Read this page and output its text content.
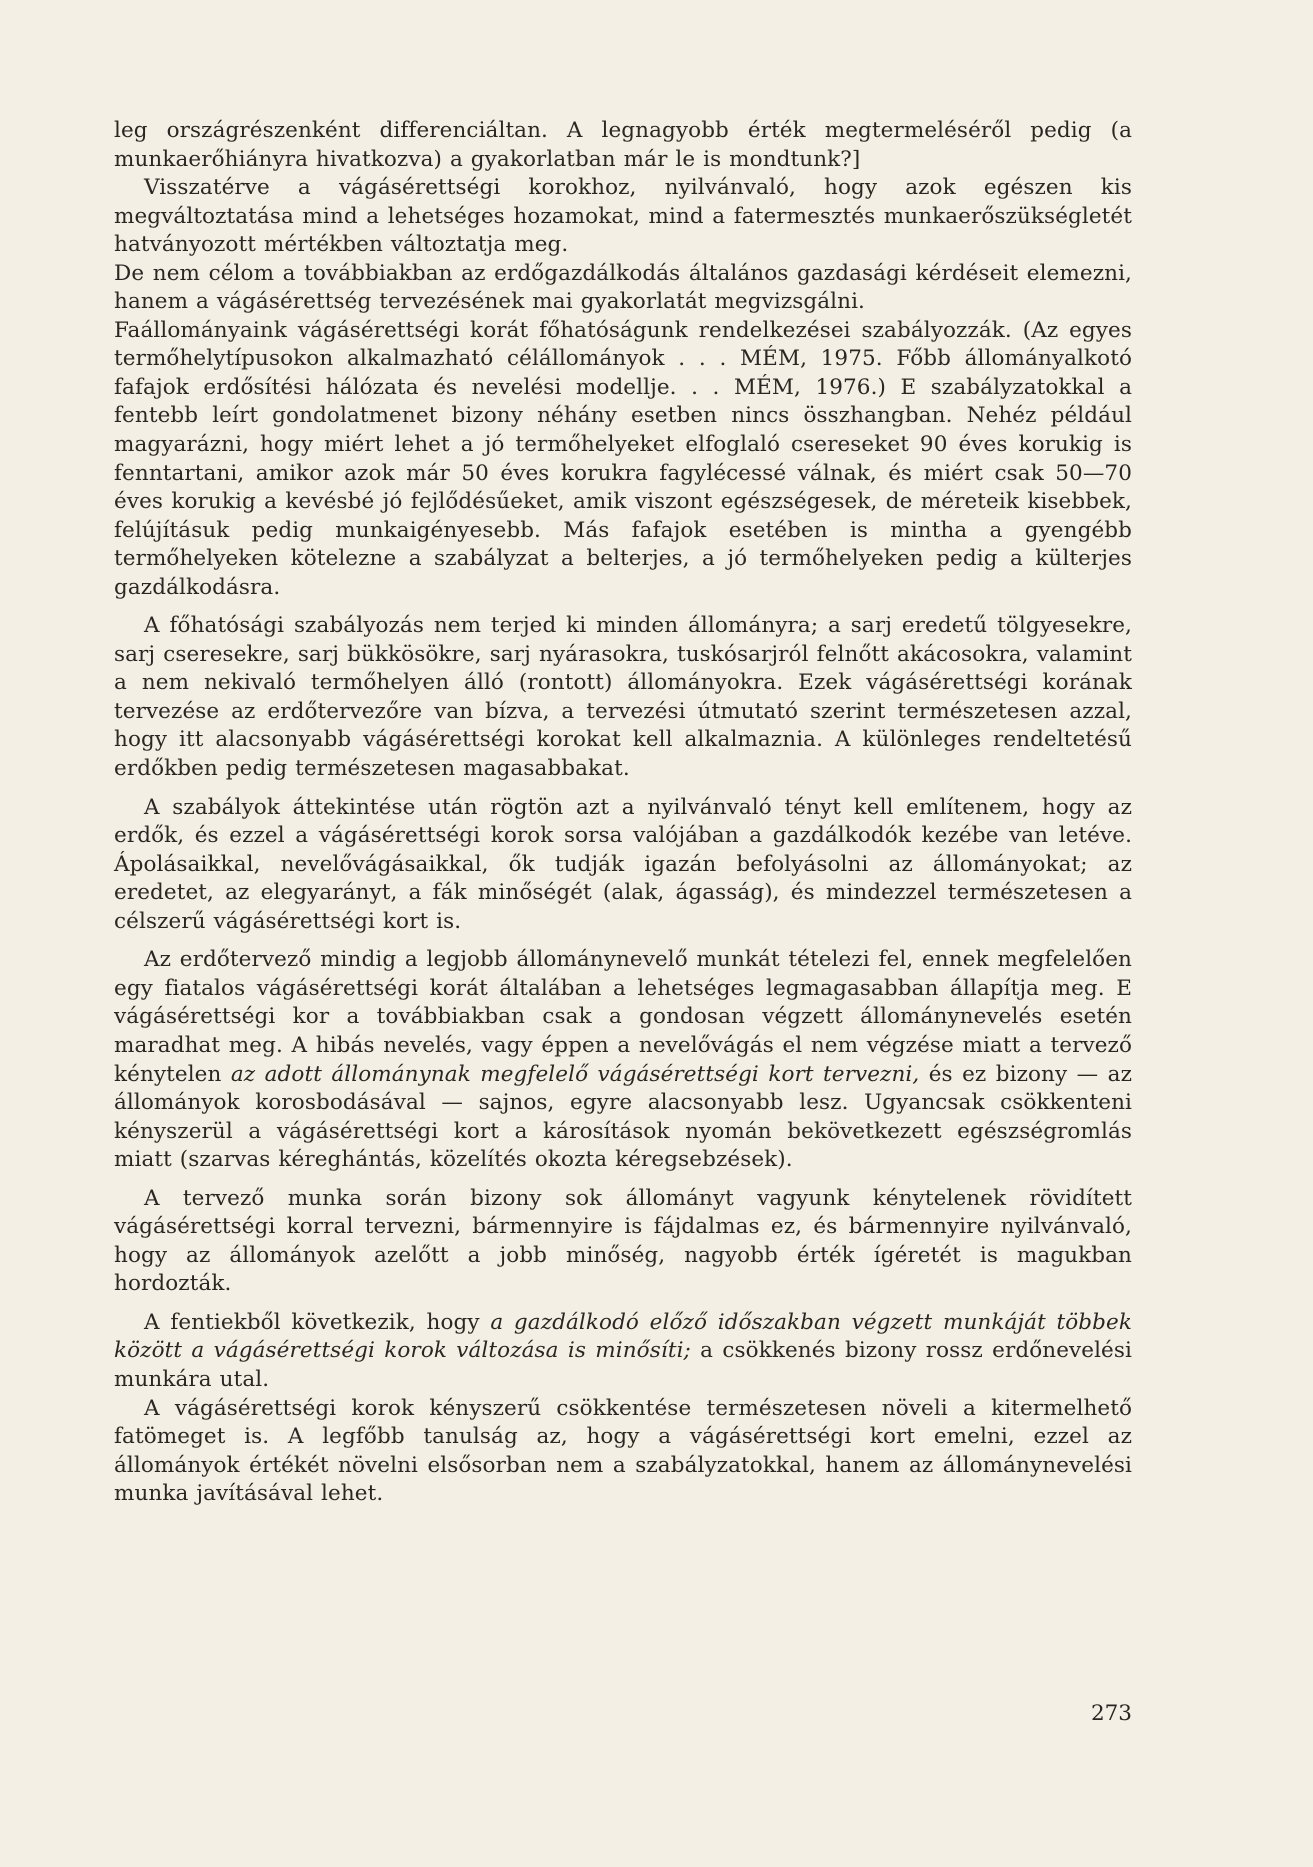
leg országrészenként differenciáltan. A legnagyobb érték megtermeléséről pedig (a munkaerőhiányra hivatkozva) a gyakorlatban már le is mondtunk?]

Visszatérve a vágásérettségi korokhoz, nyilvánvaló, hogy azok egészen kis megváltoztatása mind a lehetséges hozamokat, mind a fatermesztés munkaerőszükségletét hatványozott mértékben változtatja meg.

De nem célom a továbbiakban az erdőgazdálkodás általános gazdasági kérdéseit elemezni, hanem a vágásérettség tervezésének mai gyakorlatát megvizsgálni.

Faállományaink vágásérettségi korát főhatóságunk rendelkezései szabályozzák. (Az egyes termőhelytípusokon alkalmazható célállományok . . . MÉM, 1975. Főbb állományalkotó fafajok erdősítési hálózata és nevelési modellje. . . MÉM, 1976.) E szabályzatokkal a fentebb leírt gondolatmenet bizony néhány esetben nincs összhangban. Nehéz például magyarázni, hogy miért lehet a jó termőhelyeket elfoglaló csereseket 90 éves korukig is fenntartani, amikor azok már 50 éves korukra fagylécessé válnak, és miért csak 50—70 éves korukig a kevésbé jó fejlődésűeket, amik viszont egészségesek, de méreteik kisebbek, felújításuk pedig munkaigényesebb. Más fafajok esetében is mintha a gyengébb termőhelyeken kötelezne a szabályzat a belterjes, a jó termőhelyeken pedig a külterjes gazdálkodásra.

A főhatósági szabályozás nem terjed ki minden állományra; a sarj eredetű tölgyesekre, sarj cseresekre, sarj bükkösökre, sarj nyárasokra, tuskósarjról felnőtt akácosokra, valamint a nem nekivaló termőhelyen álló (rontott) állományokra. Ezek vágásérettségi korának tervezése az erdőtervezőre van bízva, a tervezési útmutató szerint természetesen azzal, hogy itt alacsonyabb vágásérettségi korokat kell alkalmaznia. A különleges rendeltetésű erdőkben pedig természetesen magasabbakat.

A szabályok áttekintése után rögtön azt a nyilvánvaló tényt kell említenem, hogy az erdők, és ezzel a vágásérettségi korok sorsa valójában a gazdálkodók kezébe van letéve. Ápolásaikkal, nevelővágásaikkal, ők tudják igazán befolyásolni az állományokat; az eredetet, az elegyarányt, a fák minőségét (alak, ágasság), és mindezzel természetesen a célszerű vágásérettségi kort is.

Az erdőtervező mindig a legjobb állománynevelő munkát tételezi fel, ennek megfelelően egy fiatalos vágásérettségi korát általában a lehetséges legmagasabban állapítja meg. E vágásérettségi kor a továbbiakban csak a gondosan végzett állománynevelés esetén maradhat meg. A hibás nevelés, vagy éppen a nevelővágás el nem végzése miatt a tervező kénytelen az adott állománynak megfelelő vágásérettségi kort tervezni, és ez bizony — az állományok korosbodásával — sajnos, egyre alacsonyabb lesz. Ugyancsak csökkenteni kényszerül a vágásérettségi kort a károsítások nyomán bekövetkezett egészségromlás miatt (szarvas kéreghántás, közelítés okozta kéregsebzések).

A tervező munka során bizony sok állományt vagyunk kénytelenek rövidített vágásérettségi korral tervezni, bármennyire is fájdalmas ez, és bármennyire nyilvánvaló, hogy az állományok azelőtt a jobb minőség, nagyobb érték ígéretét is magukban hordozták.

A fentiekből következik, hogy a gazdálkodó előző időszakban végzett munkáját többek között a vágásérettségi korok változása is minősíti; a csökkenés bizony rossz erdőnevelési munkára utal.

A vágásérettségi korok kényszerű csökkentése természetesen növeli a kitermelhető fatömeget is. A legfőbb tanulság az, hogy a vágásérettségi kort emelni, ezzel az állományok értékét növelni elsősorban nem a szabályzatokkal, hanem az állománynevelési munka javításával lehet.

273
